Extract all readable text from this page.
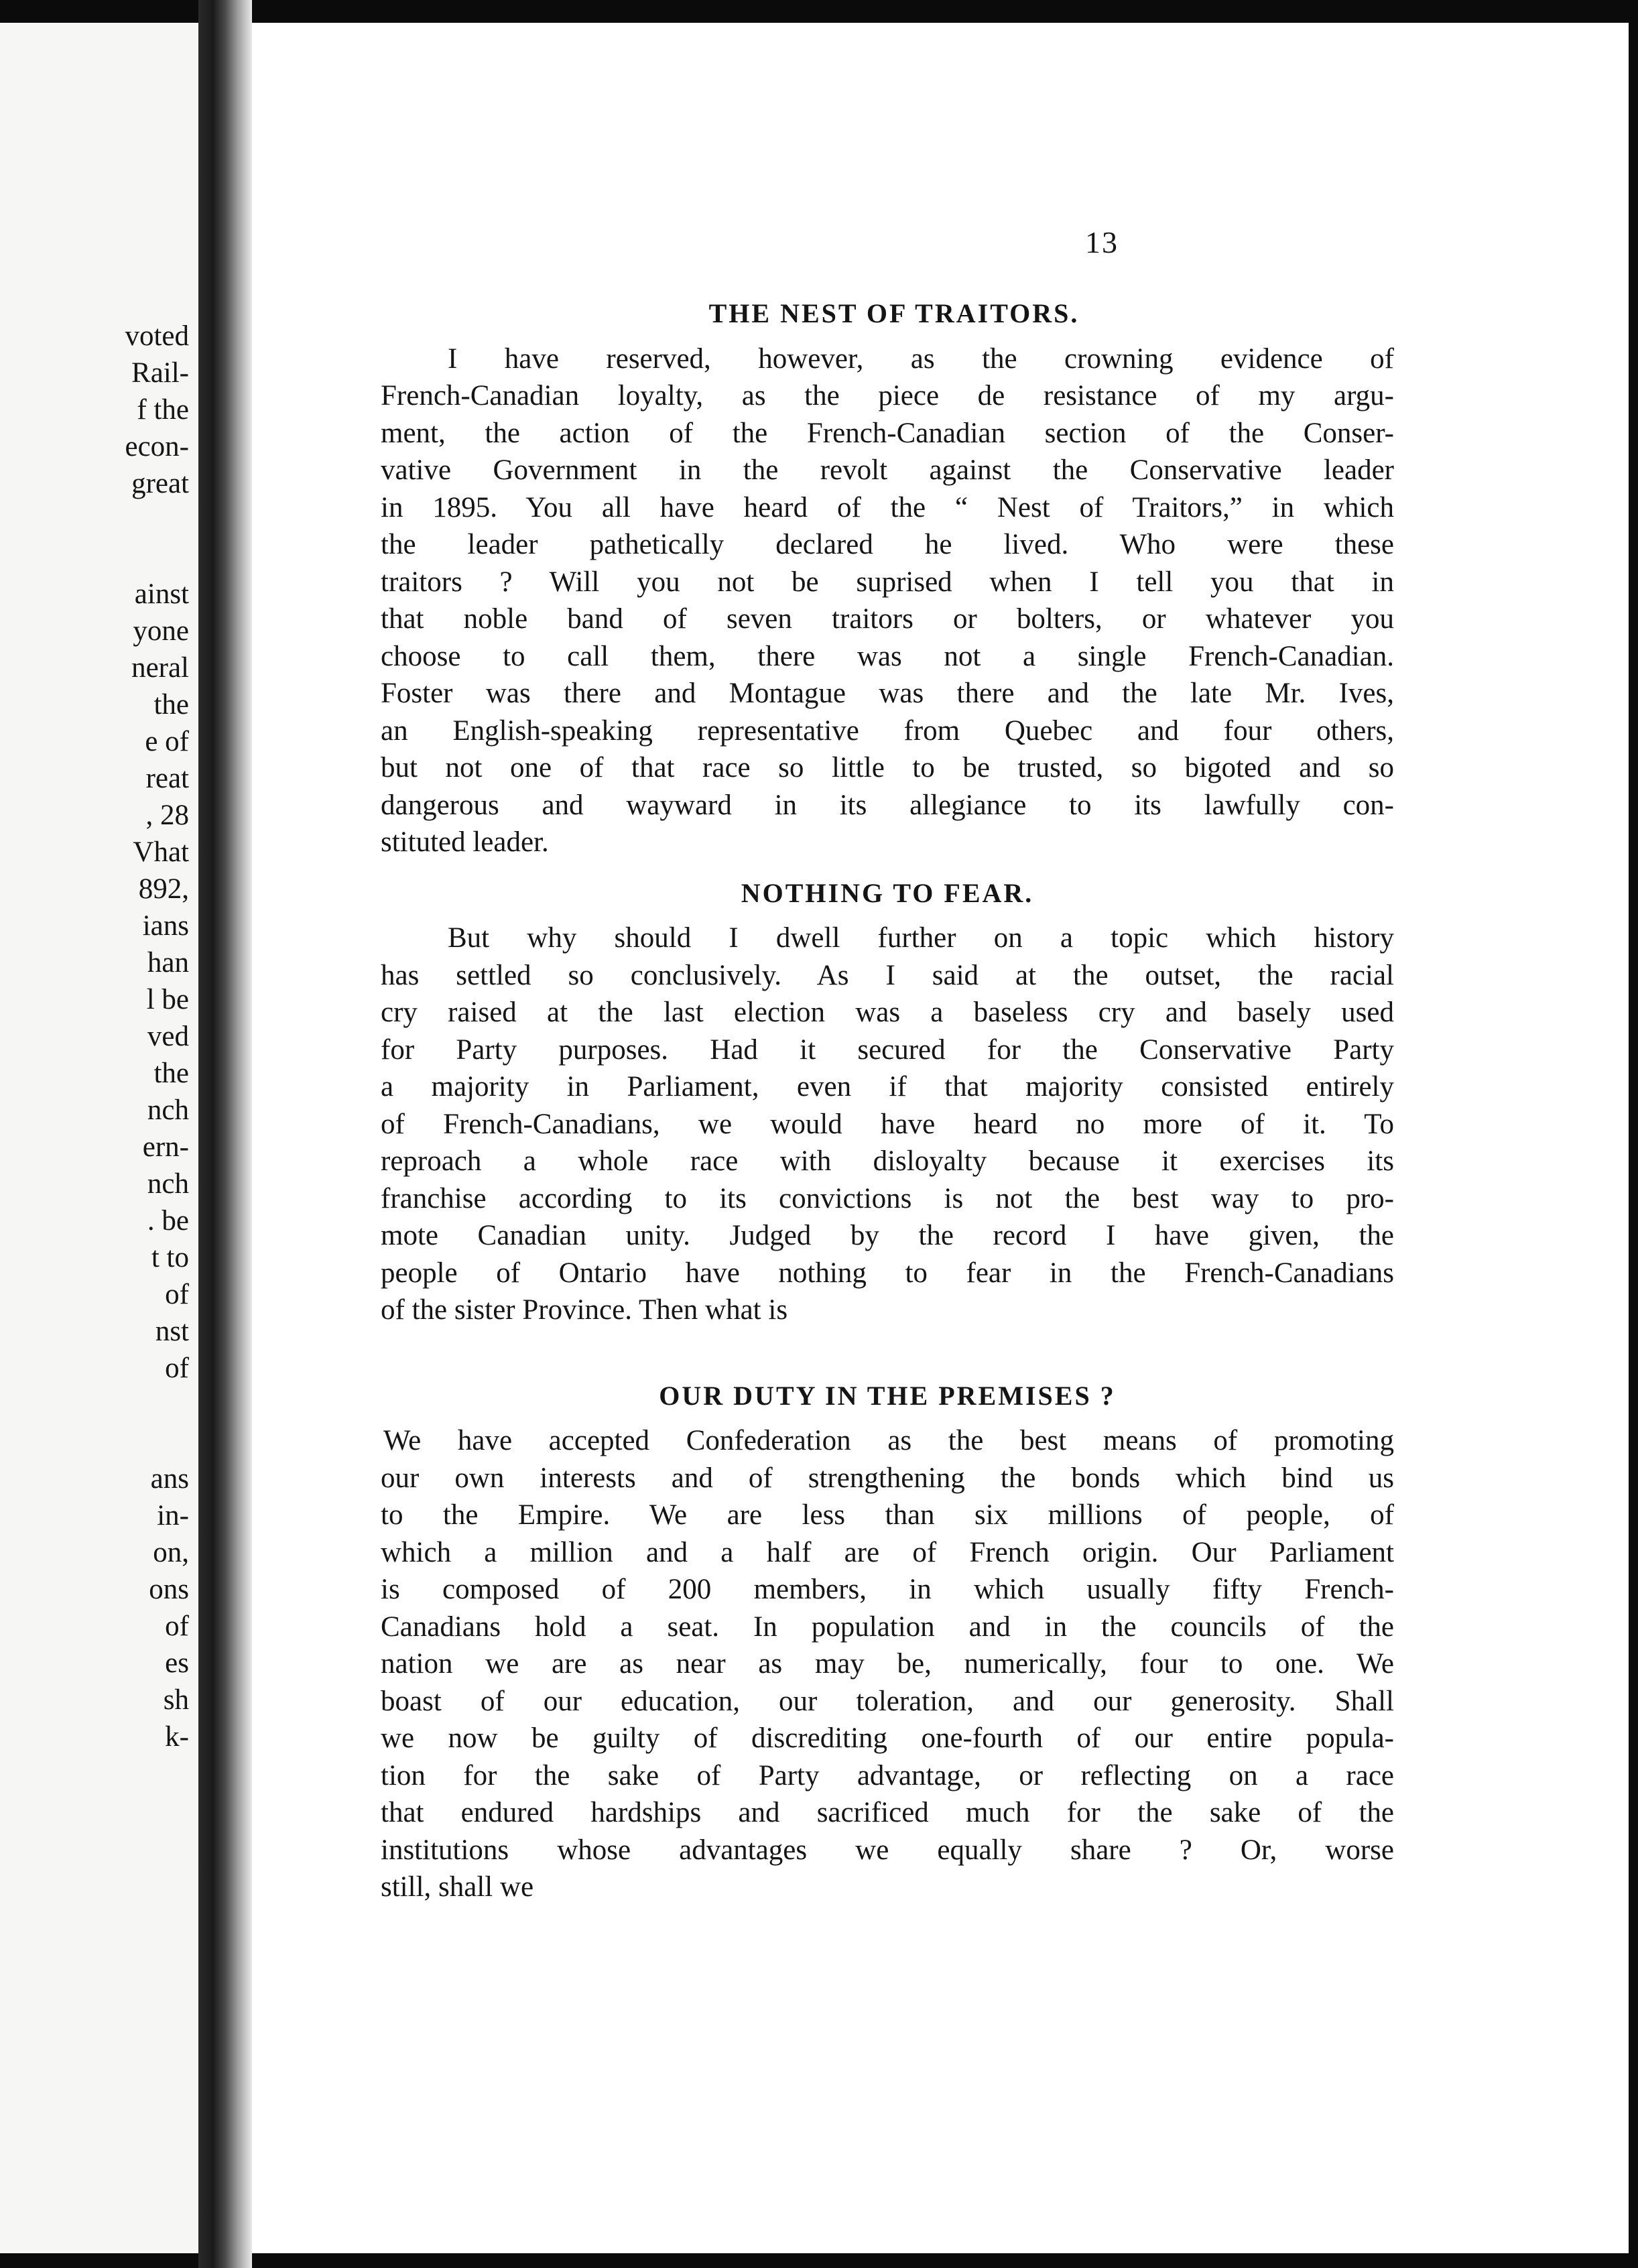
voted
Rail-
f the
econ-
great
ainst
yone
neral
the
e of
reat
, 28
Vhat
892,
ians
han
l be
ved
the
nch
ern-
nch
. be
t to
of
nst
of
ans
in-
on,
ons
of
es
sh
k-
13
THE NEST OF TRAITORS.
I have reserved, however, as the crowning evidence of
French-Canadian loyalty, as the piece de resistance of my argu-
ment, the action of the French-Canadian section of the Conser-
vative Government in the revolt against the Conservative leader
in 1895. You all have heard of the “ Nest of Traitors,” in which
the leader pathetically declared he lived. Who were these
traitors ? Will you not be suprised when I tell you that in
that noble band of seven traitors or bolters, or whatever you
choose to call them, there was not a single French-Canadian.
Foster was there and Montague was there and the late Mr. Ives,
an English-speaking representative from Quebec and four others,
but not one of that race so little to be trusted, so bigoted and so
dangerous and wayward in its allegiance to its lawfully con-
stituted leader.
NOTHING TO FEAR.
But why should I dwell further on a topic which history
has settled so conclusively. As I said at the outset, the racial
cry raised at the last election was a baseless cry and basely used
for Party purposes. Had it secured for the Conservative Party
a majority in Parliament, even if that majority consisted entirely
of French-Canadians, we would have heard no more of it. To
reproach a whole race with disloyalty because it exercises its
franchise according to its convictions is not the best way to pro-
mote Canadian unity. Judged by the record I have given, the
people of Ontario have nothing to fear in the French-Canadians
of the sister Province. Then what is
OUR DUTY IN THE PREMISES ?
We have accepted Confederation as the best means of promoting
our own interests and of strengthening the bonds which bind us
to the Empire. We are less than six millions of people, of
which a million and a half are of French origin. Our Parliament
is composed of 200 members, in which usually fifty French-
Canadians hold a seat. In population and in the councils of the
nation we are as near as may be, numerically, four to one. We
boast of our education, our toleration, and our generosity. Shall
we now be guilty of discrediting one-fourth of our entire popula-
tion for the sake of Party advantage, or reflecting on a race
that endured hardships and sacrificed much for the sake of the
institutions whose advantages we equally share ? Or, worse
still, shall we
